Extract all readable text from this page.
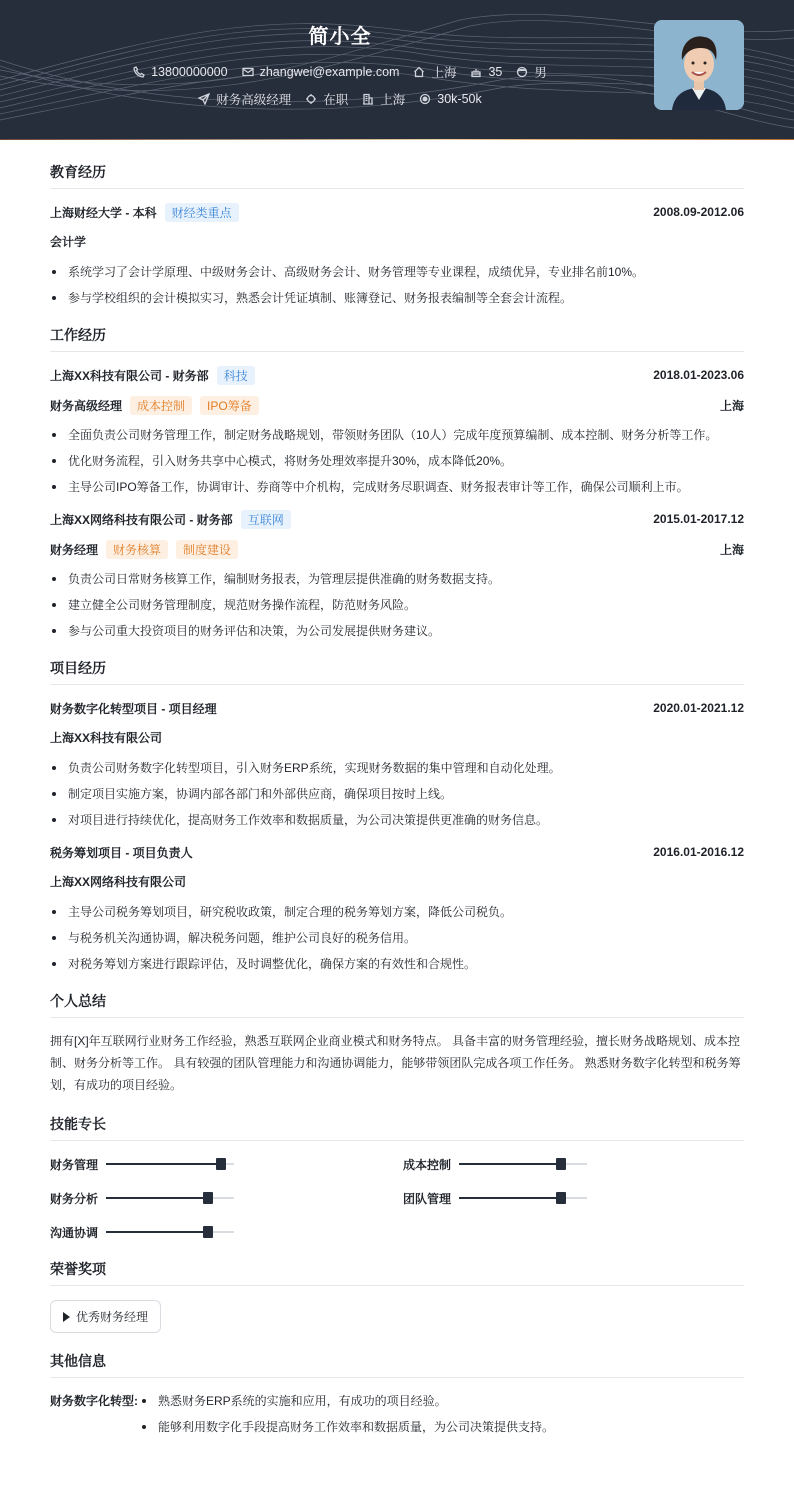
简小全
13800000000	zhangwei@example.com	上海	35	男
财务高级经理	在职	上海	30k-50k
教育经历
上海财经大学 - 本科	财经类重点	2008.09-2012.06
会计学
系统学习了会计学原理、中级财务会计、高级财务会计、财务管理等专业课程，成绩优异，专业排名前10%。
参与学校组织的会计模拟实习，熟悉会计凭证填制、账簿登记、财务报表编制等全套会计流程。
工作经历
上海XX科技有限公司 - 财务部	科技	2018.01-2023.06
财务高级经理	成本控制	IPO筹备	上海
全面负责公司财务管理工作，制定财务战略规划，带领财务团队（10人）完成年度预算编制、成本控制、财务分析等工作。
优化财务流程，引入财务共享中心模式，将财务处理效率提升30%，成本降低20%。
主导公司IPO筹备工作，协调审计、券商等中介机构，完成财务尽职调查、财务报表审计等工作，确保公司顺利上市。
上海XX网络科技有限公司 - 财务部	互联网	2015.01-2017.12
财务经理	财务核算	制度建设	上海
负责公司日常财务核算工作，编制财务报表，为管理层提供准确的财务数据支持。
建立健全公司财务管理制度，规范财务操作流程，防范财务风险。
参与公司重大投资项目的财务评估和决策，为公司发展提供财务建议。
项目经历
财务数字化转型项目 - 项目经理	2020.01-2021.12
上海XX科技有限公司
负责公司财务数字化转型项目，引入财务ERP系统，实现财务数据的集中管理和自动化处理。
制定项目实施方案，协调内部各部门和外部供应商，确保项目按时上线。
对项目进行持续优化，提高财务工作效率和数据质量，为公司决策提供更准确的财务信息。
税务筹划项目 - 项目负责人	2016.01-2016.12
上海XX网络科技有限公司
主导公司税务筹划项目，研究税收政策，制定合理的税务筹划方案，降低公司税负。
与税务机关沟通协调，解决税务问题，维护公司良好的税务信用。
对税务筹划方案进行跟踪评估，及时调整优化，确保方案的有效性和合规性。
个人总结

拥有[X]年互联网行业财务工作经验，熟悉互联网企业商业模式和财务特点。 具备丰富的财务管理经验，擅长财务战略规划、成本控制、财务分析等工作。 具有较强的团队管理能力和沟通协调能力，能够带领团队完成各项工作任务。 熟悉财务数字化转型和税务筹划，有成功的项目经验。

技能专长
财务管理	成本控制
财务分析	团队管理
沟通协调
荣誉奖项
优秀财务经理
其他信息
财务数字化转型:	熟悉财务ERP系统的实施和应用，有成功的项目经验。
能够利用数字化手段提高财务工作效率和数据质量，为公司决策提供支持。
